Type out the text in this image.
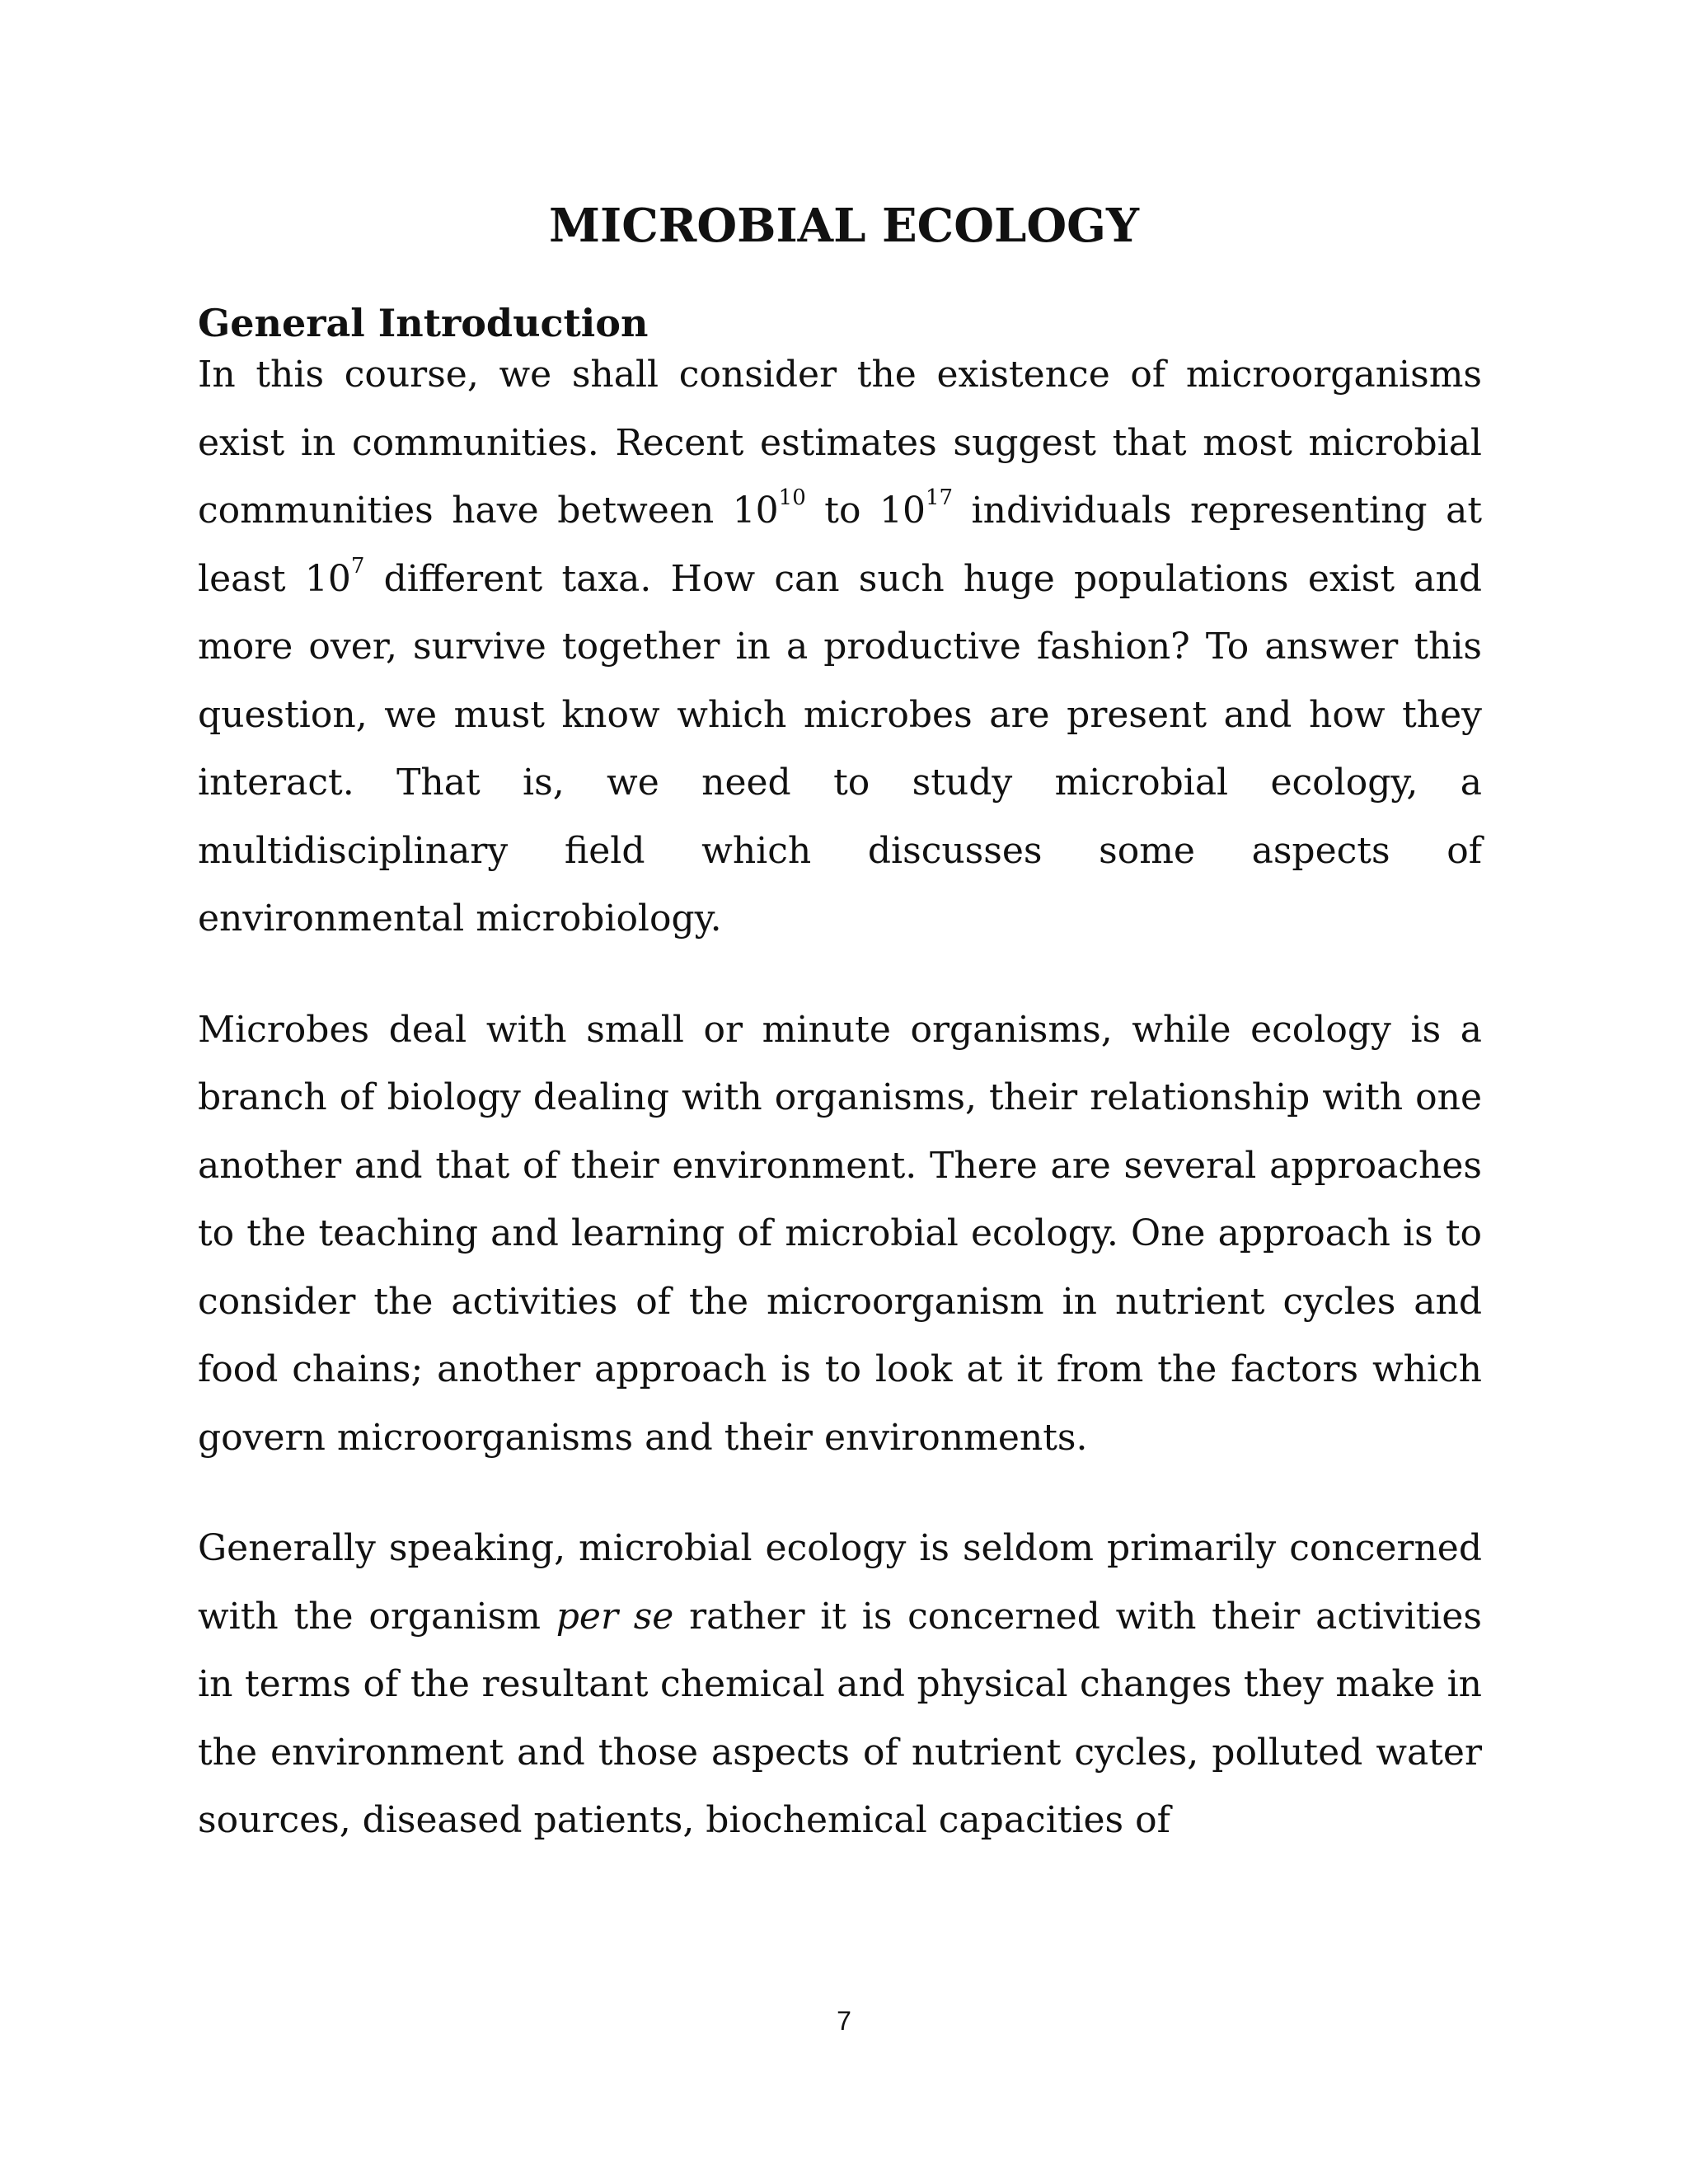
MICROBIAL ECOLOGY
General Introduction

In this course, we shall consider the existence of microorganisms exist in communities. Recent estimates suggest that most microbial communities have between $10^{10}$ to $10^{17}$ individuals representing at least $10^7$ different taxa. How can such huge populations exist and more over, survive together in a productive fashion? To answer this question, we must know which microbes are present and how they interact. That is, we need to study microbial ecology, a multidisciplinary field which discusses some aspects of environmental microbiology.

Microbes deal with small or minute organisms, while ecology is a branch of biology dealing with organisms, their relationship with one another and that of their environment. There are several approaches to the teaching and learning of microbial ecology. One approach is to consider the activities of the microorganism in nutrient cycles and food chains; another approach is to look at it from the factors which govern microorganisms and their environments.

Generally speaking, microbial ecology is seldom primarily concerned with the organism per se rather it is concerned with their activities in terms of the resultant chemical and physical changes they make in the environment and those aspects of nutrient cycles, polluted water sources, diseased patients, biochemical capacities of

7
